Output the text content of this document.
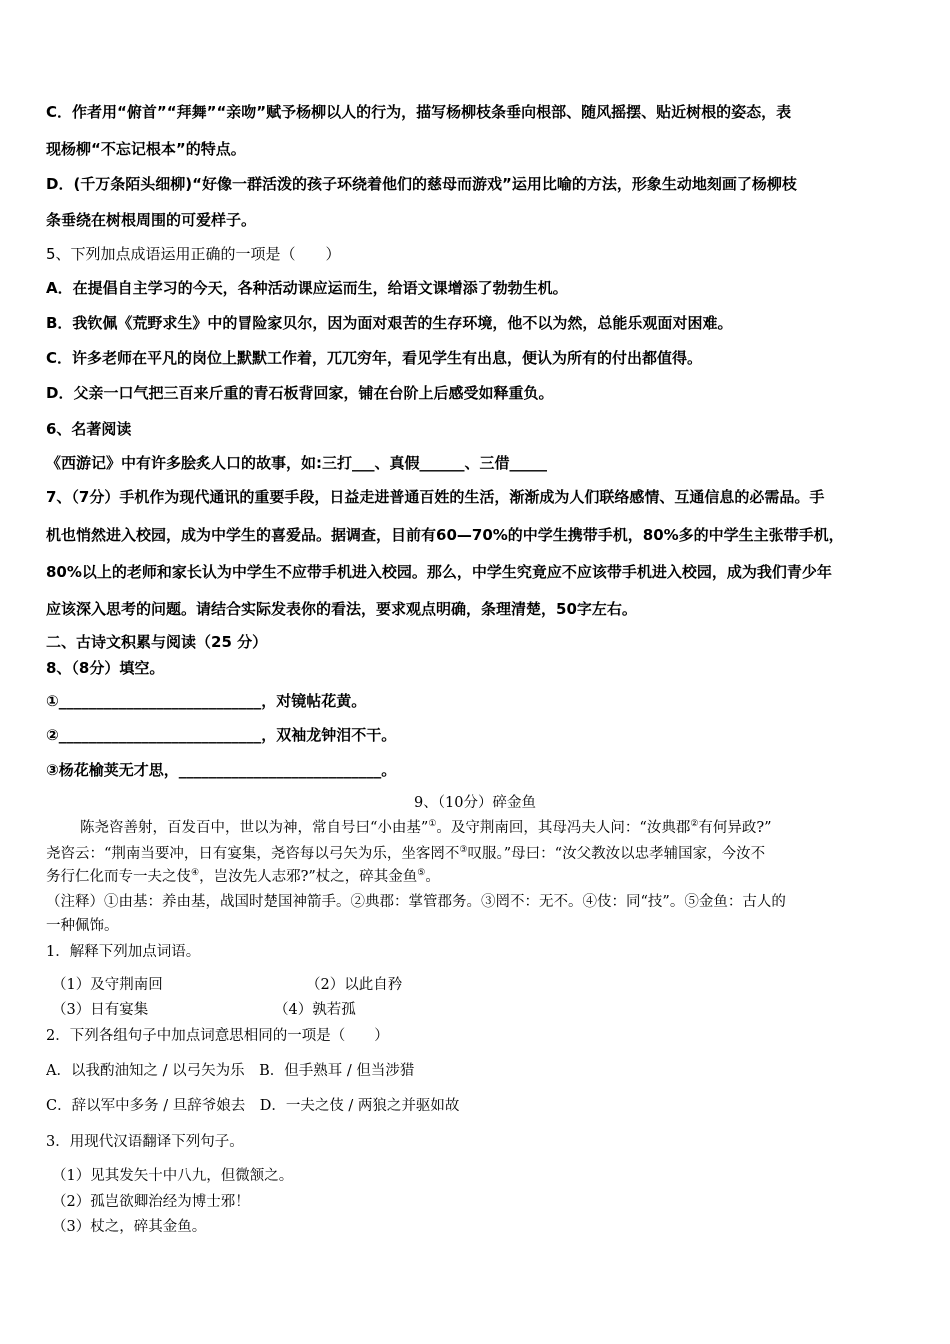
C．作者用“俯首”“拜舞”“亲吻”赋予杨柳以人的行为，描写杨柳枝条垂向根部、随风摇摆、贴近树根的姿态，表
现杨柳“不忘记根本”的特点。
D．(千万条陌头细柳)“好像一群活泼的孩子环绕着他们的慈母而游戏”运用比喻的方法，形象生动地刻画了杨柳枝
条垂绕在树根周围的可爱样子。
5、下列加点成语运用正确的一项是（　　）
A．在提倡自主学习的今天，各种活动课应运而生，给语文课增添了勃勃生机。
B．我钦佩《荒野求生》中的冒险家贝尔，因为面对艰苦的生存环境，他不以为然，总能乐观面对困难。
C．许多老师在平凡的岗位上默默工作着，兀兀穷年，看见学生有出息，便认为所有的付出都值得。
D．父亲一口气把三百来斤重的青石板背回家，铺在台阶上后感受如释重负。
6、名著阅读
《西游记》中有许多脍炙人口的故事，如:三打___、真假______、三借_____
7、（7分）手机作为现代通讯的重要手段，日益走进普通百姓的生活，渐渐成为人们联络感情、互通信息的必需品。手
机也悄然进入校园，成为中学生的喜爱品。据调查，目前有60—70%的中学生携带手机，80%多的中学生主张带手机，
80%以上的老师和家长认为中学生不应带手机进入校园。那么，中学生究竟应不应该带手机进入校园，成为我们青少年
应该深入思考的问题。请结合实际发表你的看法，要求观点明确，条理清楚，50字左右。
二、古诗文积累与阅读（25 分）
8、（8分）填空。
①___________________________，对镜帖花黄。
②___________________________，双袖龙钟泪不干。
③杨花榆荚无才思，___________________________。
9、（10分）碎金鱼
陈尧咨善射，百发百中，世以为神，常自号曰“小由基”①。及守荆南回，其母冯夫人问：“汝典郡②有何异政?”
尧咨云：“荆南当要冲，日有宴集，尧咨每以弓矢为乐，坐客罔不③叹服。”母曰：“汝父教汝以忠孝辅国家，今汝不
务行仁化而专一夫之伎④，岂汝先人志邪?”杖之，碎其金鱼⑤。
（注释）①由基：养由基，战国时楚国神箭手。②典郡：掌管郡务。③罔不：无不。④伎：同“技”。⑤金鱼：古人的
一种佩饰。
1．解释下列加点词语。
（1）及守荆南回	（2）以此自矜
（3）日有宴集	（4）孰若孤
2．下列各组句子中加点词意思相同的一项是（　　）
A．以我酌油知之 / 以弓矢为乐　B．但手熟耳 / 但当涉猎
C．辞以军中多务 / 旦辞爷娘去　D．一夫之伎 / 两狼之并驱如故
3．用现代汉语翻译下列句子。
（1）见其发矢十中八九，但微颔之。
（2）孤岂欲卿治经为博士邪！
（3）杖之，碎其金鱼。
